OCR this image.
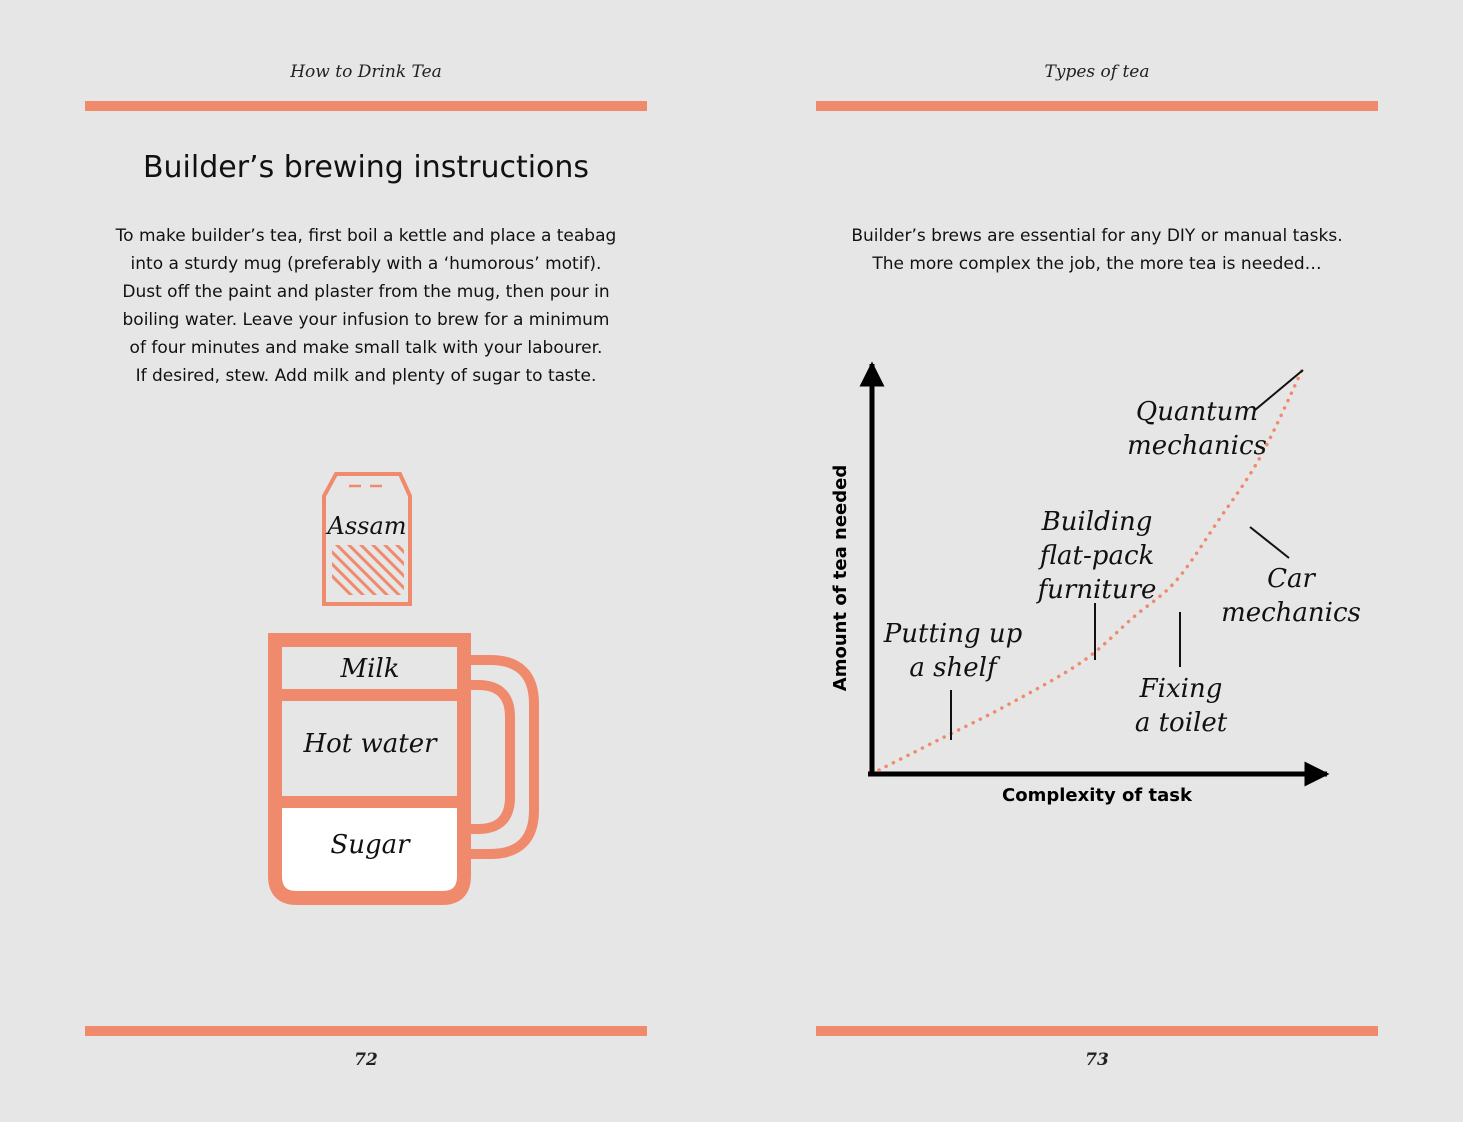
How to Drink Tea
Builder’s brewing instructions
To make builder’s tea, first boil a kettle and place a teabag
into a sturdy mug (preferably with a ‘humorous’ motif).
Dust off the paint and plaster from the mug, then pour in
boiling water. Leave your infusion to brew for a minimum
of four minutes and make small talk with your labourer.
If desired, stew. Add milk and plenty of sugar to taste.
Assam
Milk
Hot water
Sugar
72
Types of tea
Builder’s brews are essential for any DIY or manual tasks.
The more complex the job, the more tea is needed…
Complexity of task
Amount of tea needed Putting up
a shelf
Building
flat-pack
furniture
Fixing
a toilet
Car
mechanics
Quantum
mechanics
73
